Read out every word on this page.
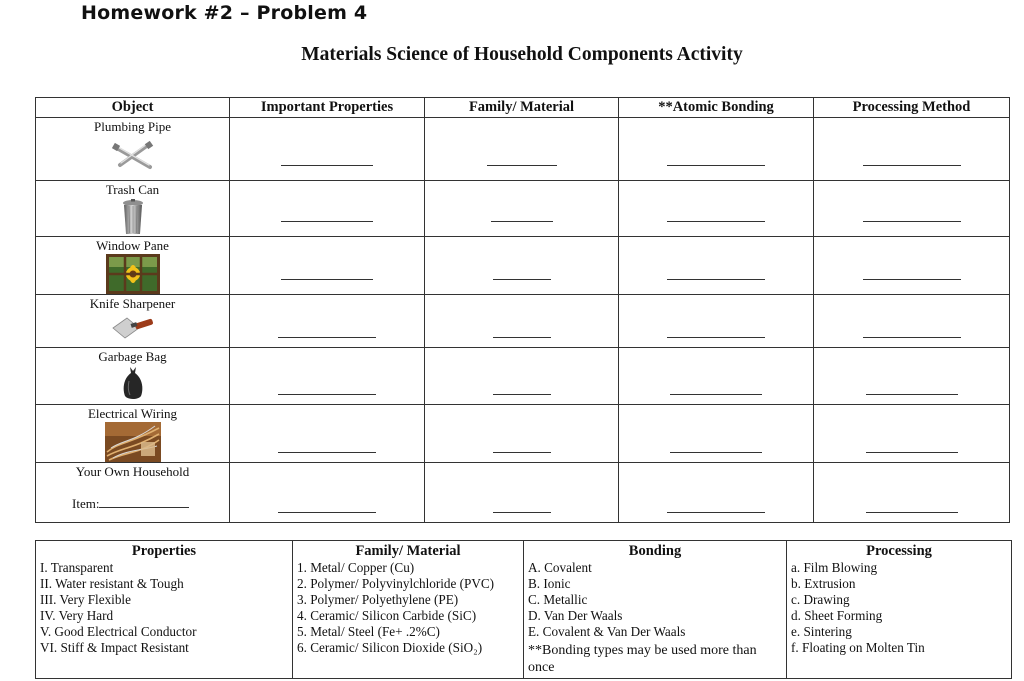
Homework #2 – Problem 4
Materials Science of Household Components Activity
Object	Important Properties	Family/ Material	**Atomic Bonding	Processing Method

Plumbing Pipe				

Trash Can				

Window Pane				

Knife Sharpener				

Garbage Bag				

Electrical Wiring				

Your Own Household
Item:				

Properties
I. Transparent
II. Water resistant & Tough
III. Very Flexible
IV. Very Hard
V. Good Electrical Conductor
VI. Stiff & Impact Resistant

Family/ Material
1. Metal/ Copper (Cu)
2. Polymer/ Polyvinylchloride (PVC)
3. Polymer/ Polyethylene (PE)
4. Ceramic/ Silicon Carbide (SiC)
5. Metal/ Steel (Fe+ .2%C)
6. Ceramic/ Silicon Dioxide (SiO₂)

Bonding
A. Covalent
B. Ionic
C. Metallic
D. Van Der Waals
E. Covalent & Van Der Waals
**Bonding types may be used more than once

Processing
a. Film Blowing
b. Extrusion
c. Drawing
d. Sheet Forming
e. Sintering
f. Floating on Molten Tin
